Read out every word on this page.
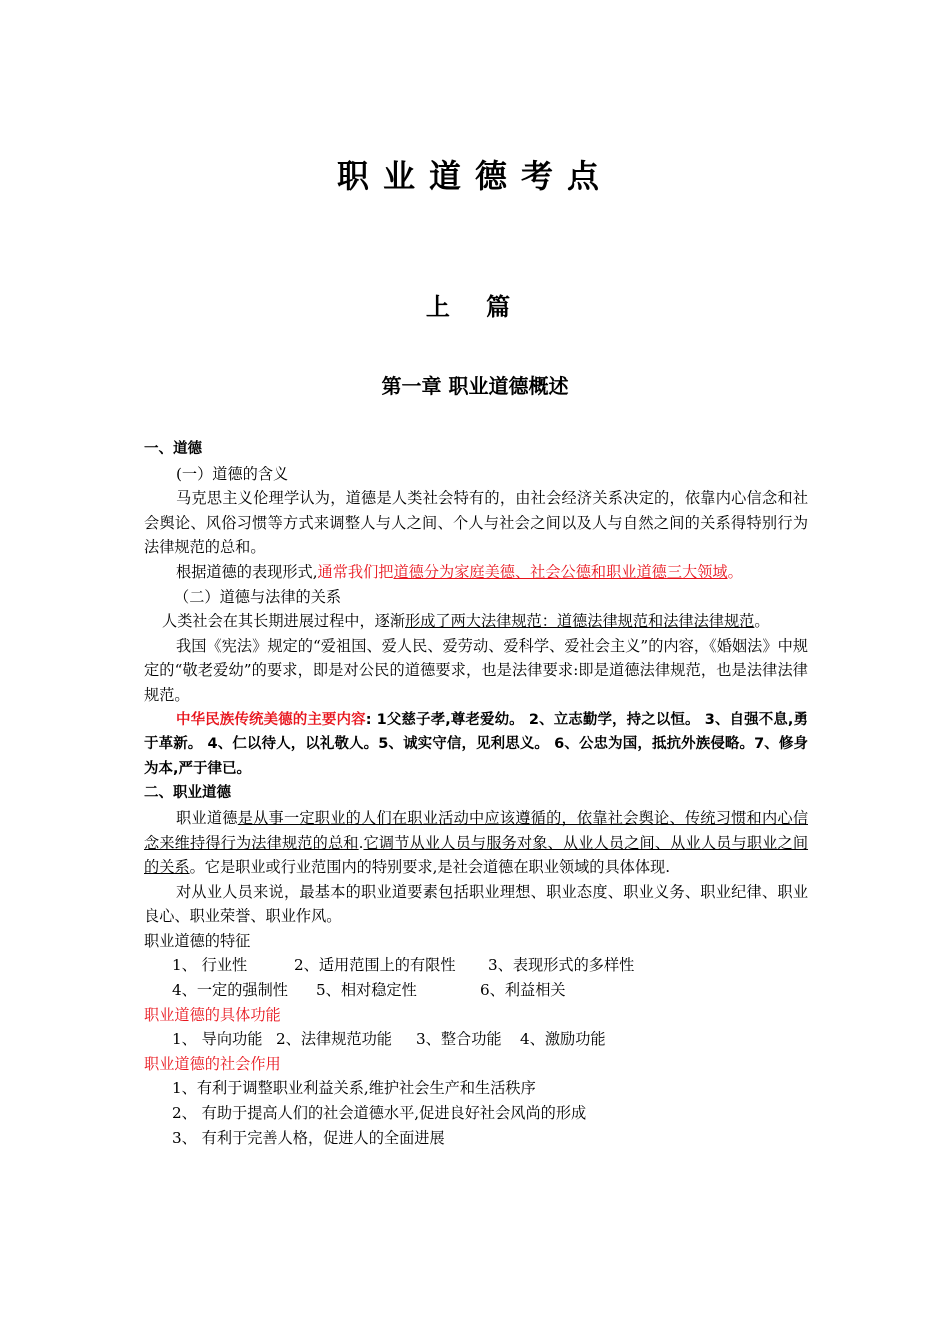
职业道德考点
上 篇
第一章 职业道德概述

一、道德

(一）道德的含义

马克思主义伦理学认为，道德是人类社会特有的，由社会经济关系决定的，依靠内心信念和社会舆论、风俗习惯等方式来调整人与人之间、个人与社会之间以及人与自然之间的关系得特别行为法律规范的总和。

根据道德的表现形式,通常我们把道德分为家庭美德、社会公德和职业道德三大领域。

（二）道德与法律的关系

人类社会在其长期进展过程中，逐渐形成了两大法律规范：道德法律规范和法律法律规范。

我国《宪法》规定的“爱祖国、爱人民、爱劳动、爱科学、爱社会主义”的内容，《婚姻法》中规定的“敬老爱幼”的要求，即是对公民的道德要求，也是法律要求:即是道德法律规范，也是法律法律规范。

中华民族传统美德的主要内容: 1父慈子孝,尊老爱幼。 2、立志勤学，持之以恒。 3、自强不息,勇于革新。 4、仁以待人，以礼敬人。5、诚实守信，见利思义。 6、公忠为国，抵抗外族侵略。7、修身为本,严于律已。

二、职业道德

职业道德是从事一定职业的人们在职业活动中应该遵循的，依靠社会舆论、传统习惯和内心信念来维持得行为法律规范的总和.它调节从业人员与服务对象、从业人员之间、从业人员与职业之间的关系。它是职业或行业范围内的特别要求,是社会道德在职业领域的具体体现.

对从业人员来说，最基本的职业道要素包括职业理想、职业态度、职业义务、职业纪律、职业良心、职业荣誉、职业作风。

职业道德的特征

1、 行业性	2、适用范围上的有限性 3、表现形式的多样性

4、一定的强制性 5、相对稳定性	6、利益相关

职业道德的具体功能

1、 导向功能 2、法律规范功能 3、整合功能 4、激励功能

职业道德的社会作用

1、有利于调整职业利益关系,维护社会生产和生活秩序

2、 有助于提高人们的社会道德水平,促进良好社会风尚的形成

3、 有利于完善人格，促进人的全面进展
